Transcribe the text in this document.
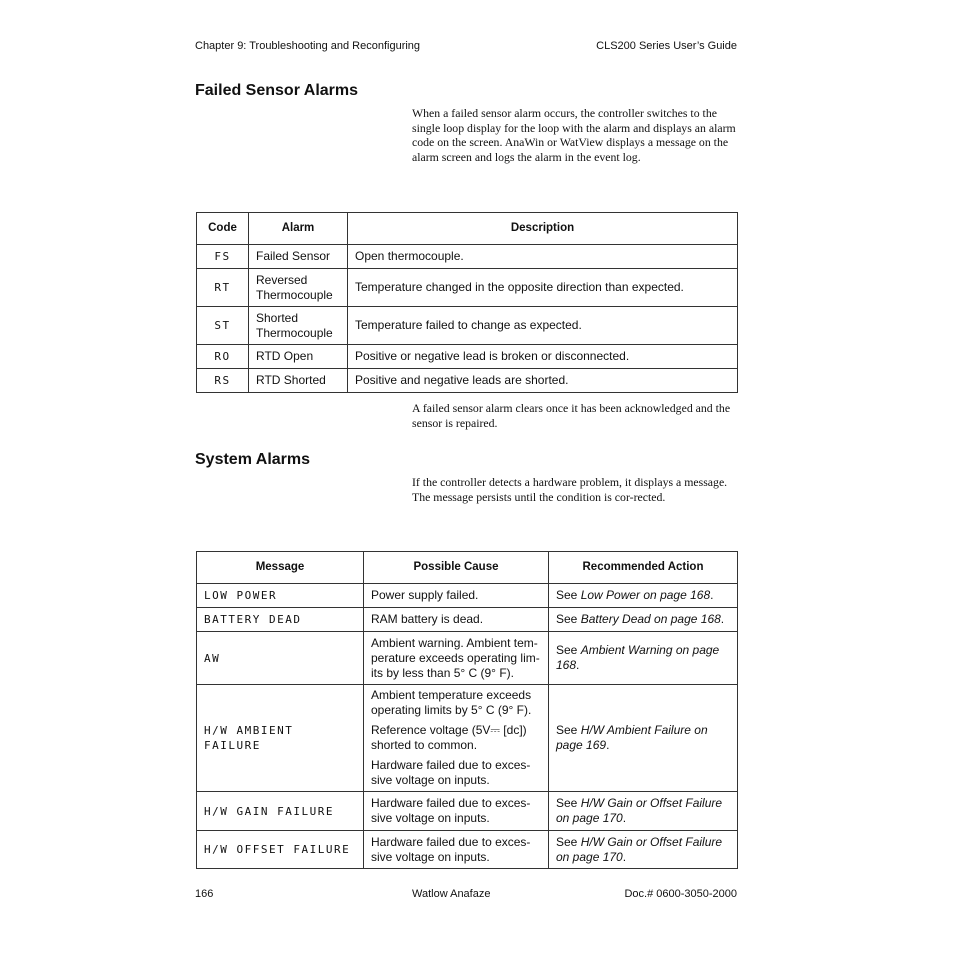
Chapter 9: Troubleshooting and Reconfiguring	CLS200 Series User’s Guide
Failed Sensor Alarms

When a failed sensor alarm occurs, the controller switches to the single loop display for the loop with the alarm and displays an alarm code on the screen. AnaWin or WatView displays a message on the alarm screen and logs the alarm in the event log.

Code	Alarm	Description
FS	Failed Sensor	Open thermocouple.
RT	Reversed Thermocouple	Temperature changed in the opposite direction than expected.
ST	Shorted Thermocouple	Temperature failed to change as expected.
RO	RTD Open	Positive or negative lead is broken or disconnected.
RS	RTD Shorted	Positive and negative leads are shorted.

A failed sensor alarm clears once it has been acknowledged and the sensor is repaired.

System Alarms

If the controller detects a hardware problem, it displays a message. The message persists until the condition is cor-rected.

Message	Possible Cause	Recommended Action
LOW POWER	Power supply failed.	See Low Power on page 168.
BATTERY DEAD	RAM battery is dead.	See Battery Dead on page 168.
AW	Ambient warning. Ambient tem-perature exceeds operating lim-its by less than 5° C (9° F).	See Ambient Warning on page 168.
H/W AMBIENT FAILURE	Ambient temperature exceeds operating limits by 5° C (9° F).
Reference voltage (5V⎓ [dc]) shorted to common.
Hardware failed due to exces-sive voltage on inputs.	See H/W Ambient Failure on page 169.
H/W GAIN FAILURE	Hardware failed due to exces-sive voltage on inputs.	See H/W Gain or Offset Failure on page 170.
H/W OFFSET FAILURE	Hardware failed due to exces-sive voltage on inputs.	See H/W Gain or Offset Failure on page 170.
166	Watlow Anafaze	Doc.# 0600-3050-2000
